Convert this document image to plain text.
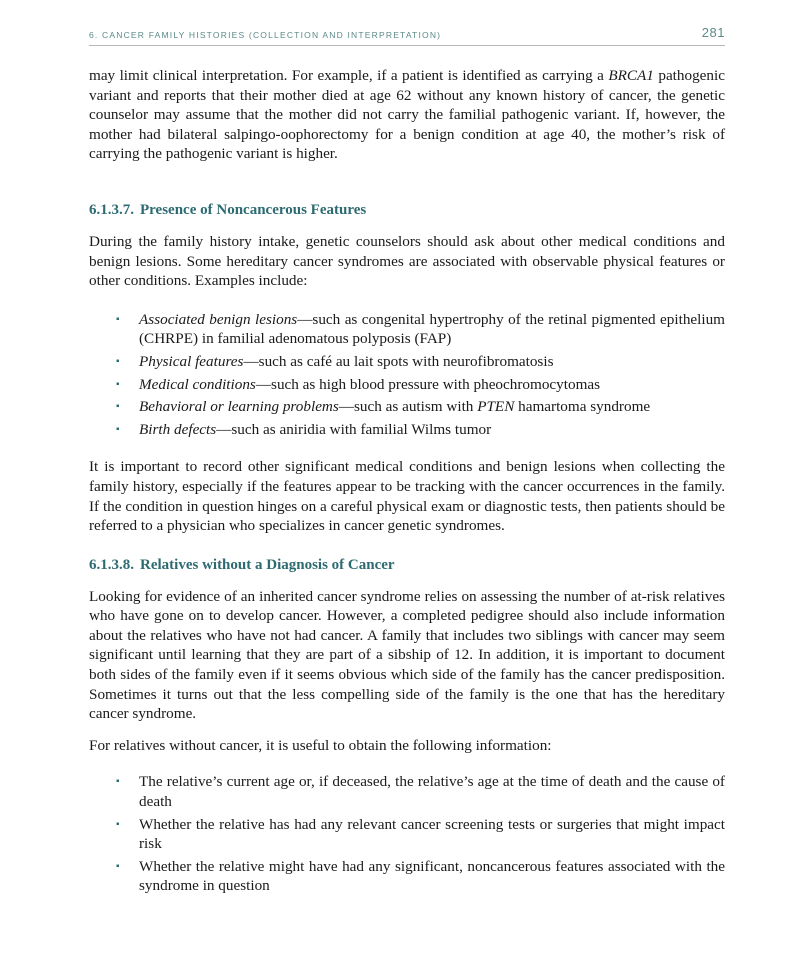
6. CANCER FAMILY HISTORIES (COLLECTION AND INTERPRETATION)	281

may limit clinical interpretation. For example, if a patient is identified as carrying a BRCA1 pathogenic variant and reports that their mother died at age 62 without any known history of cancer, the genetic counselor may assume that the mother did not carry the familial pathogenic variant. If, however, the mother had bilateral salpingo-oophorectomy for a benign condition at age 40, the mother’s risk of carrying the pathogenic variant is higher.

6.1.3.7. Presence of Noncancerous Features

During the family history intake, genetic counselors should ask about other medical conditions and benign lesions. Some hereditary cancer syndromes are associated with observable physical features or other conditions. Examples include:

▪ Associated benign lesions—such as congenital hypertrophy of the retinal pigmented epithelium (CHRPE) in familial adenomatous polyposis (FAP)
▪ Physical features—such as café au lait spots with neurofibromatosis
▪ Medical conditions—such as high blood pressure with pheochromocytomas
▪ Behavioral or learning problems—such as autism with PTEN hamartoma syndrome
▪ Birth defects—such as aniridia with familial Wilms tumor

It is important to record other significant medical conditions and benign lesions when collecting the family history, especially if the features appear to be tracking with the cancer occurrences in the family. If the condition in question hinges on a careful physical exam or diagnostic tests, then patients should be referred to a physician who specializes in cancer genetic syndromes.

6.1.3.8. Relatives without a Diagnosis of Cancer

Looking for evidence of an inherited cancer syndrome relies on assessing the number of at-risk relatives who have gone on to develop cancer. However, a completed pedigree should also include information about the relatives who have not had cancer. A family that includes two siblings with cancer may seem significant until learning that they are part of a sibship of 12. In addition, it is important to document both sides of the family even if it seems obvious which side of the family has the cancer predisposition. Sometimes it turns out that the less compelling side of the family is the one that has the hereditary cancer syndrome.

For relatives without cancer, it is useful to obtain the following information:

▪ The relative’s current age or, if deceased, the relative’s age at the time of death and the cause of death
▪ Whether the relative has had any relevant cancer screening tests or surgeries that might impact risk
▪ Whether the relative might have had any significant, noncancerous features associated with the syndrome in question
